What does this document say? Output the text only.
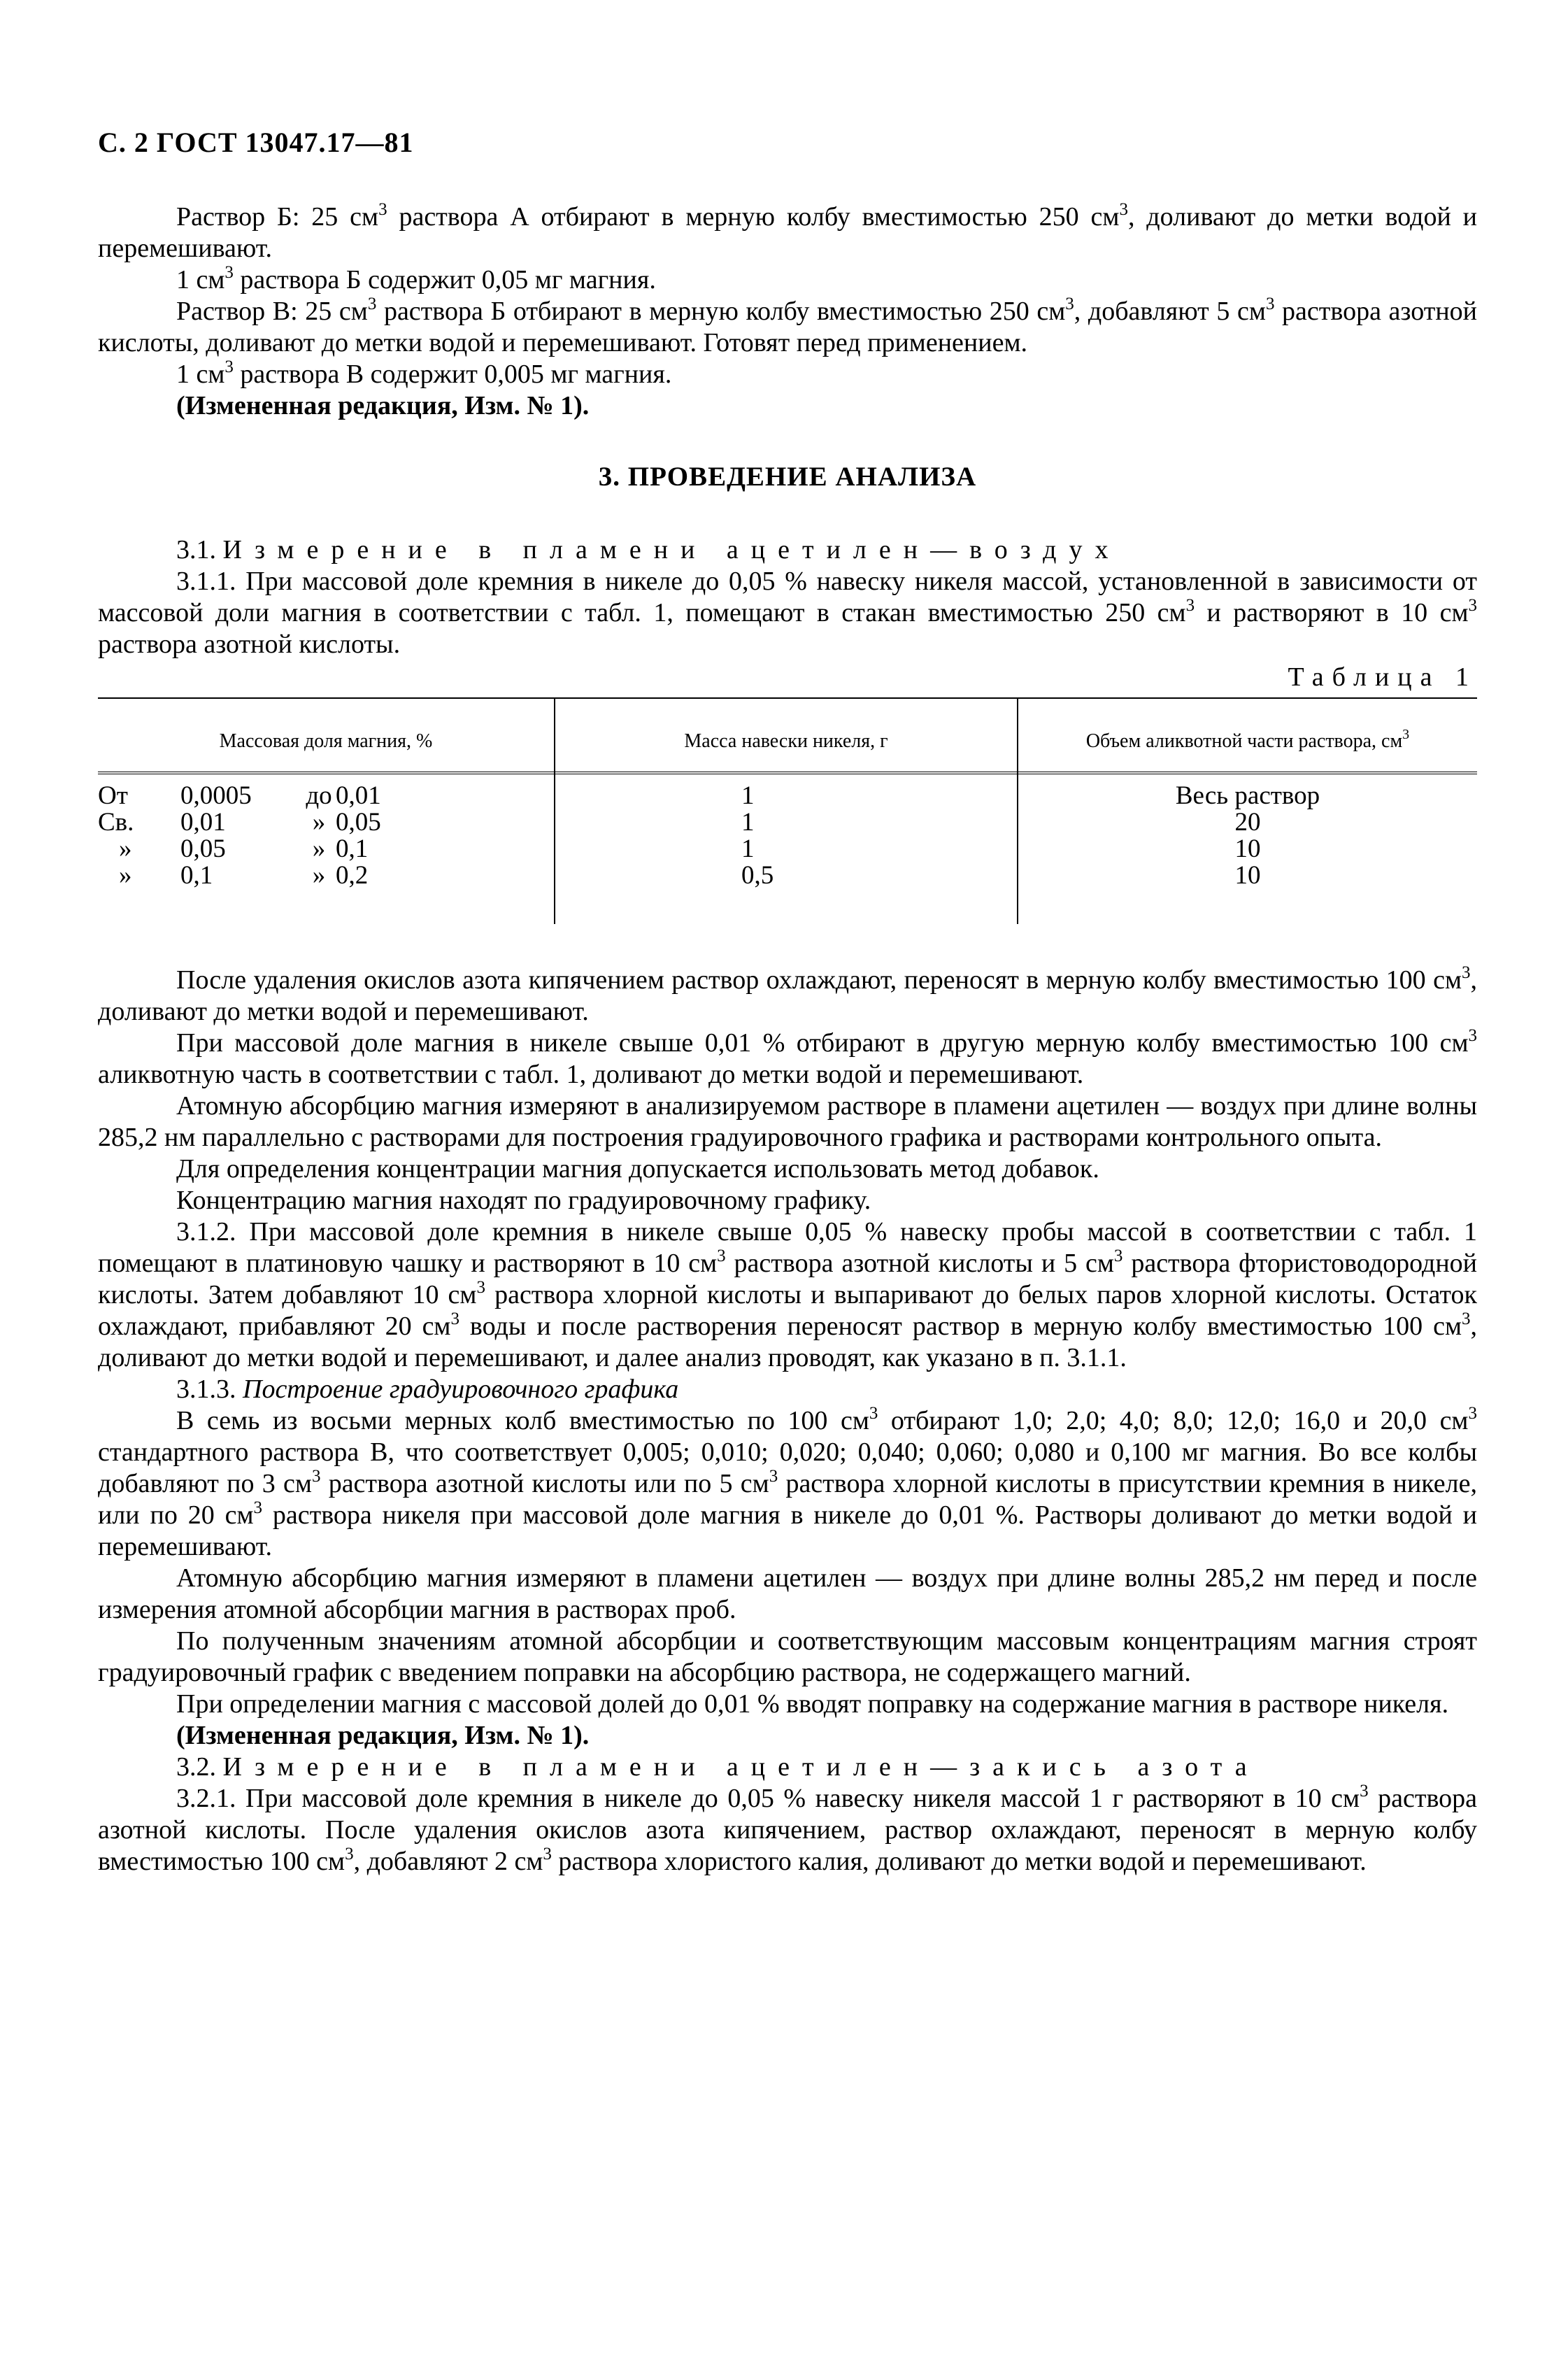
С. 2 ГОСТ 13047.17—81

Раствор Б: 25 $см^3$ раствора А отбирают в мерную колбу вместимостью 250 $см^3$, доливают до метки водой и перемешивают.

1 $см^3$ раствора Б содержит 0,05 мг магния.

Раствор В: 25 $см^3$ раствора Б отбирают в мерную колбу вместимостью 250 $см^3$, добавляют 5 $см^3$ раствора азотной кислоты, доливают до метки водой и перемешивают. Готовят перед применением.

1 $см^3$ раствора В содержит 0,005 мг магния.

(Измененная редакция, Изм. № 1).

3. ПРОВЕДЕНИЕ АНАЛИЗА

3.1. Измерение в пламени ацетилен—воздух

3.1.1. При массовой доле кремния в никеле до 0,05 % навеску никеля массой, установленной в зависимости от массовой доли магния в соответствии с табл. 1, помещают в стакан вместимостью 250 $см^3$ и растворяют в 10 $см^3$ раствора азотной кислоты.

Таблица 1
Массовая доля магния, %	Масса навески никеля, г	Объем аликвотной части раствора, $см^3$
От	0,0005	до 0,01	1	Весь раствор
Св.	0,01	» 0,05	1	20
»	0,05	» 0,1	1	10
»	0,1	» 0,2	0,5	10

После удаления окислов азота кипячением раствор охлаждают, переносят в мерную колбу вместимостью 100 $см^3$, доливают до метки водой и перемешивают.

При массовой доле магния в никеле свыше 0,01 % отбирают в другую мерную колбу вместимостью 100 $см^3$ аликвотную часть в соответствии с табл. 1, доливают до метки водой и перемешивают.

Атомную абсорбцию магния измеряют в анализируемом растворе в пламени ацетилен — воздух при длине волны 285,2 нм параллельно с растворами для построения градуировочного графика и растворами контрольного опыта.

Для определения концентрации магния допускается использовать метод добавок.

Концентрацию магния находят по градуировочному графику.

3.1.2. При массовой доле кремния в никеле свыше 0,05 % навеску пробы массой в соответствии с табл. 1 помещают в платиновую чашку и растворяют в 10 $см^3$ раствора азотной кислоты и 5 $см^3$ раствора фтористоводородной кислоты. Затем добавляют 10 $см^3$ раствора хлорной кислоты и выпаривают до белых паров хлорной кислоты. Остаток охлаждают, прибавляют 20 $см^3$ воды и после растворения переносят раствор в мерную колбу вместимостью 100 $см^3$, доливают до метки водой и перемешивают, и далее анализ проводят, как указано в п. 3.1.1.

3.1.3. Построение градуировочного графика

В семь из восьми мерных колб вместимостью по 100 $см^3$ отбирают 1,0; 2,0; 4,0; 8,0; 12,0; 16,0 и 20,0 $см^3$ стандартного раствора В, что соответствует 0,005; 0,010; 0,020; 0,040; 0,060; 0,080 и 0,100 мг магния. Во все колбы добавляют по 3 $см^3$ раствора азотной кислоты или по 5 $см^3$ раствора хлорной кислоты в присутствии кремния в никеле, или по 20 $см^3$ раствора никеля при массовой доле магния в никеле до 0,01 %. Растворы доливают до метки водой и перемешивают.

Атомную абсорбцию магния измеряют в пламени ацетилен — воздух при длине волны 285,2 нм перед и после измерения атомной абсорбции магния в растворах проб.

По полученным значениям атомной абсорбции и соответствующим массовым концентрациям магния строят градуировочный график с введением поправки на абсорбцию раствора, не содержащего магний.

При определении магния с массовой долей до 0,01 % вводят поправку на содержание магния в растворе никеля.

(Измененная редакция, Изм. № 1).

3.2. Измерение в пламени ацетилен—закись азота

3.2.1. При массовой доле кремния в никеле до 0,05 % навеску никеля массой 1 г растворяют в 10 $см^3$ раствора азотной кислоты. После удаления окислов азота кипячением, раствор охлаждают, переносят в мерную колбу вместимостью 100 $см^3$, добавляют 2 $см^3$ раствора хлористого калия, доливают до метки водой и перемешивают.
